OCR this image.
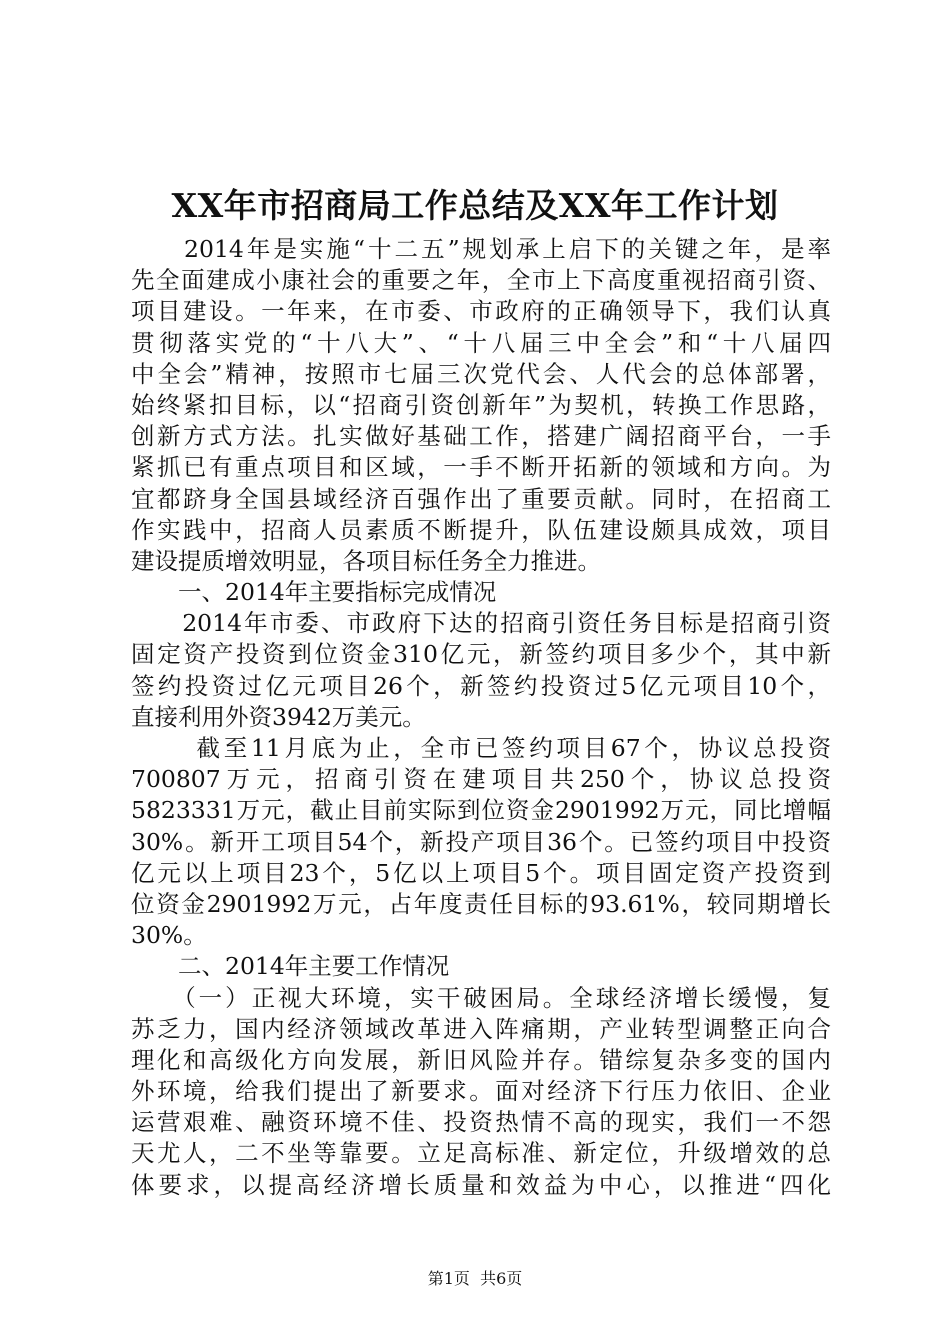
XX年市招商局工作总结及XX年工作计划
　　2014年是实施“十二五”规划承上启下的关键之年，是率
先全面建成小康社会的重要之年，全市上下高度重视招商引资、
项目建设。一年来，在市委、市政府的正确领导下，我们认真
贯彻落实党的“十八大”、“十八届三中全会”和“十八届四
中全会”精神，按照市七届三次党代会、人代会的总体部署，
始终紧扣目标，以“招商引资创新年”为契机，转换工作思路，
创新方式方法。扎实做好基础工作，搭建广阔招商平台，一手
紧抓已有重点项目和区域，一手不断开拓新的领域和方向。为
宜都跻身全国县域经济百强作出了重要贡献。同时，在招商工
作实践中，招商人员素质不断提升，队伍建设颇具成效，项目
建设提质增效明显，各项目标任务全力推进。
　　一、2014年主要指标完成情况
　　2014年市委、市政府下达的招商引资任务目标是招商引资
固定资产投资到位资金310亿元，新签约项目多少个，其中新
签约投资过亿元项目26个，新签约投资过5亿元项目10个，
直接利用外资3942万美元。
　　 截至11月底为止，全市已签约项目67个，协议总投资
700807万元，招商引资在建项目共250个，协议总投资
5823331万元，截止目前实际到位资金2901992万元，同比增幅
30%。新开工项目54个，新投产项目36个。已签约项目中投资
亿元以上项目23个，5亿以上项目5个。项目固定资产投资到
位资金2901992万元，占年度责任目标的93.61%，较同期增长
30%。
　　二、2014年主要工作情况
　　（一）正视大环境，实干破困局。全球经济增长缓慢，复
苏乏力，国内经济领域改革进入阵痛期，产业转型调整正向合
理化和高级化方向发展，新旧风险并存。错综复杂多变的国内
外环境，给我们提出了新要求。面对经济下行压力依旧、企业
运营艰难、融资环境不佳、投资热情不高的现实，我们一不怨
天尤人，二不坐等靠要。立足高标准、新定位，升级增效的总
体要求，以提高经济增长质量和效益为中心，以推进“四化
第1页  共6页
